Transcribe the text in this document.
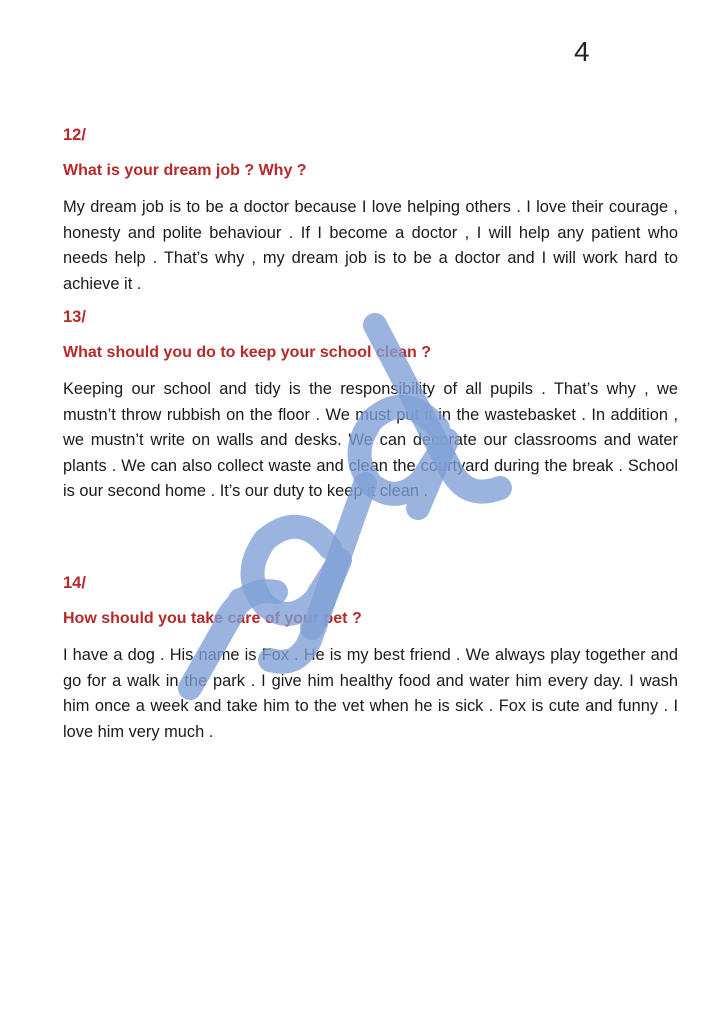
4

12/

What is your dream job ? Why ?

My dream job is to be a doctor because I love helping others . I love their courage , honesty and polite behaviour . If I become a doctor , I will help any patient who needs help . That’s why , my dream job is to be a doctor and I will work hard to achieve it .

13/

What should you do to keep your school clean ?

Keeping our school and tidy is the responsibility of all pupils . That’s why , we mustn’t throw rubbish on the floor . We must put it in the wastebasket . In addition , we mustn’t write on walls and desks. We can decorate our classrooms and water plants . We can also collect waste and clean the courtyard during the break . School is our second home . It’s our duty to keep it clean .

14/

How should you take care of your pet ?

I have a dog . His name is Fox . He is my best friend . We always play together and go for a walk in the park . I give him healthy food and water him every day. I wash him once a week and take him to the vet when he is sick . Fox is cute and funny . I love him very much .
